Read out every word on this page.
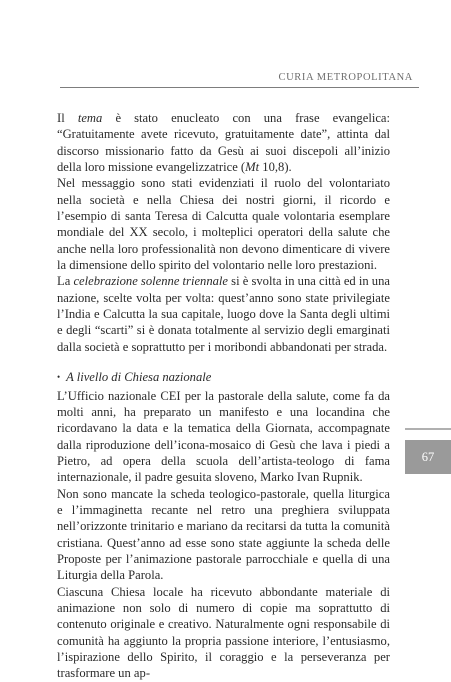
CURIA METROPOLITANA

Il tema è stato enucleato con una frase evangelica: “Gratuitamente avete ricevuto, gratuitamente date”, attinta dal discorso missionario fatto da Gesù ai suoi discepoli all’inizio della loro missione evangelizzatrice (Mt 10,8).

Nel messaggio sono stati evidenziati il ruolo del volontariato nella società e nella Chiesa dei nostri giorni, il ricordo e l’esempio di santa Teresa di Calcutta quale volontaria esemplare mondiale del XX secolo, i molteplici operatori della salute che anche nella loro professionalità non devono dimenticare di vivere la dimensione dello spirito del volontario nelle loro prestazioni.

La celebrazione solenne triennale si è svolta in una città ed in una nazione, scelte volta per volta: quest’anno sono state privilegiate l’India e Calcutta la sua capitale, luogo dove la Santa degli ultimi e degli “scarti” si è donata totalmente al servizio degli emarginati dalla società e soprattutto per i moribondi abbandonati per strada.

• A livello di Chiesa nazionale

L’Ufficio nazionale CEI per la pastorale della salute, come fa da molti anni, ha preparato un manifesto e una locandina che ricordavano la data e la tematica della Giornata, accompagnate dalla riproduzione dell’icona-mosaico di Gesù che lava i piedi a Pietro, ad opera della scuola dell’artista-teologo di fama internazionale, il padre gesuita sloveno, Marko Ivan Rupnik.

Non sono mancate la scheda teologico-pastorale, quella liturgica e l’immaginetta recante nel retro una preghiera sviluppata nell’orizzonte trinitario e mariano da recitarsi da tutta la comunità cristiana. Quest’anno ad esse sono state aggiunte la scheda delle Proposte per l’animazione pastorale parrocchiale e quella di una Liturgia della Parola.

Ciascuna Chiesa locale ha ricevuto abbondante materiale di animazione non solo di numero di copie ma soprattutto di contenuto originale e creativo. Naturalmente ogni responsabile di comunità ha aggiunto la propria passione interiore, l’entusiasmo, l’ispirazione dello Spirito, il coraggio e la perseveranza per trasformare un ap-

67
